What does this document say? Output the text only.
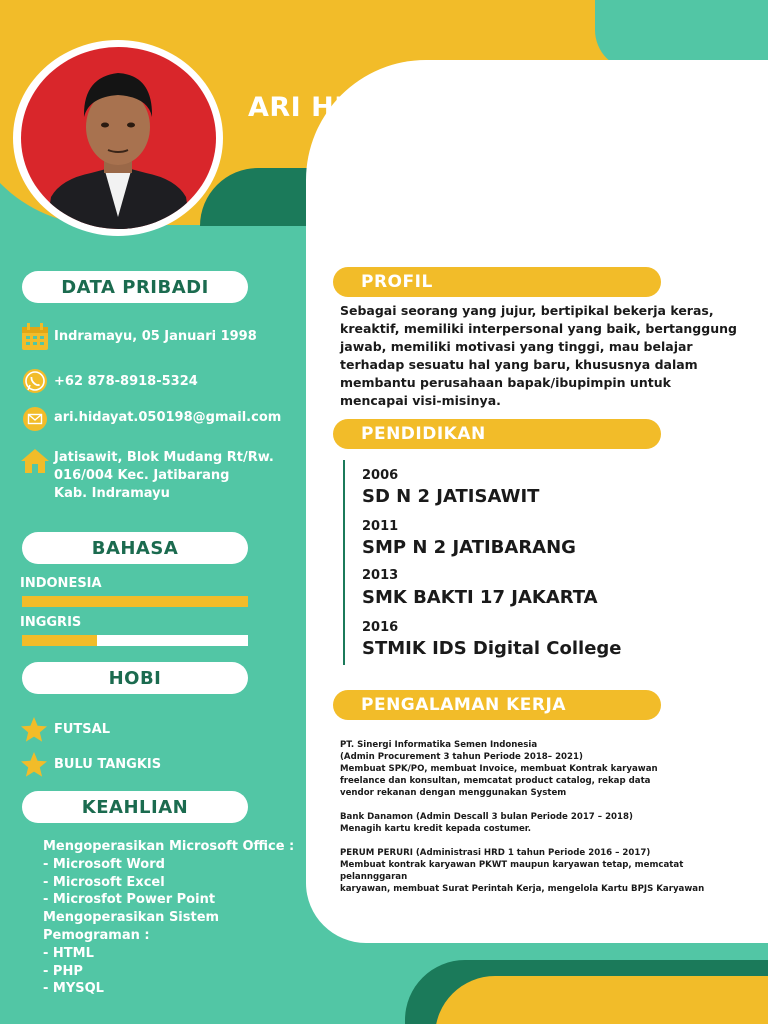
ARI HIDAYAT
DATA PRIBADI
Indramayu, 05 Januari 1998
+62 878-8918-5324
ari.hidayat.050198@gmail.com
Jatisawit, Blok Mudang Rt/Rw.
016/004 Kec. Jatibarang
Kab. Indramayu
BAHASA
INDONESIA
INGGRIS
HOBI
FUTSAL
BULU TANGKIS
KEAHLIAN
Mengoperasikan Microsoft Office :
- Microsoft Word
- Microsoft Excel
- Microsfot Power Point
Mengoperasikan Sistem
Pemograman :
- HTML
- PHP
- MYSQL
PROFIL
Sebagai seorang yang jujur, bertipikal bekerja keras,
kreaktif, memiliki interpersonal yang baik, bertanggung
jawab, memiliki motivasi yang tinggi, mau belajar
terhadap sesuatu hal yang baru, khususnya dalam
membantu perusahaan bapak/ibupimpin untuk
mencapai visi-misinya.
PENDIDIKAN
2006
SD N 2 JATISAWIT
2011
SMP N 2 JATIBARANG
2013
SMK BAKTI 17 JAKARTA
2016
STMIK IDS Digital College
PENGALAMAN KERJA
PT. Sinergi Informatika Semen Indonesia
(Admin Procurement 3 tahun Periode 2018– 2021)
Membuat SPK/PO, membuat Invoice, membuat Kontrak karyawan
freelance dan konsultan, memcatat product catalog, rekap data
vendor rekanan dengan menggunakan System
Bank Danamon (Admin Descall 3 bulan Periode 2017 – 2018)
Menagih kartu kredit kepada costumer.
PERUM PERURI (Administrasi HRD 1 tahun Periode 2016 – 2017)
Membuat kontrak karyawan PKWT maupun karyawan tetap, memcatat pelannggaran
karyawan, membuat Surat Perintah Kerja, mengelola Kartu BPJS Karyawan
